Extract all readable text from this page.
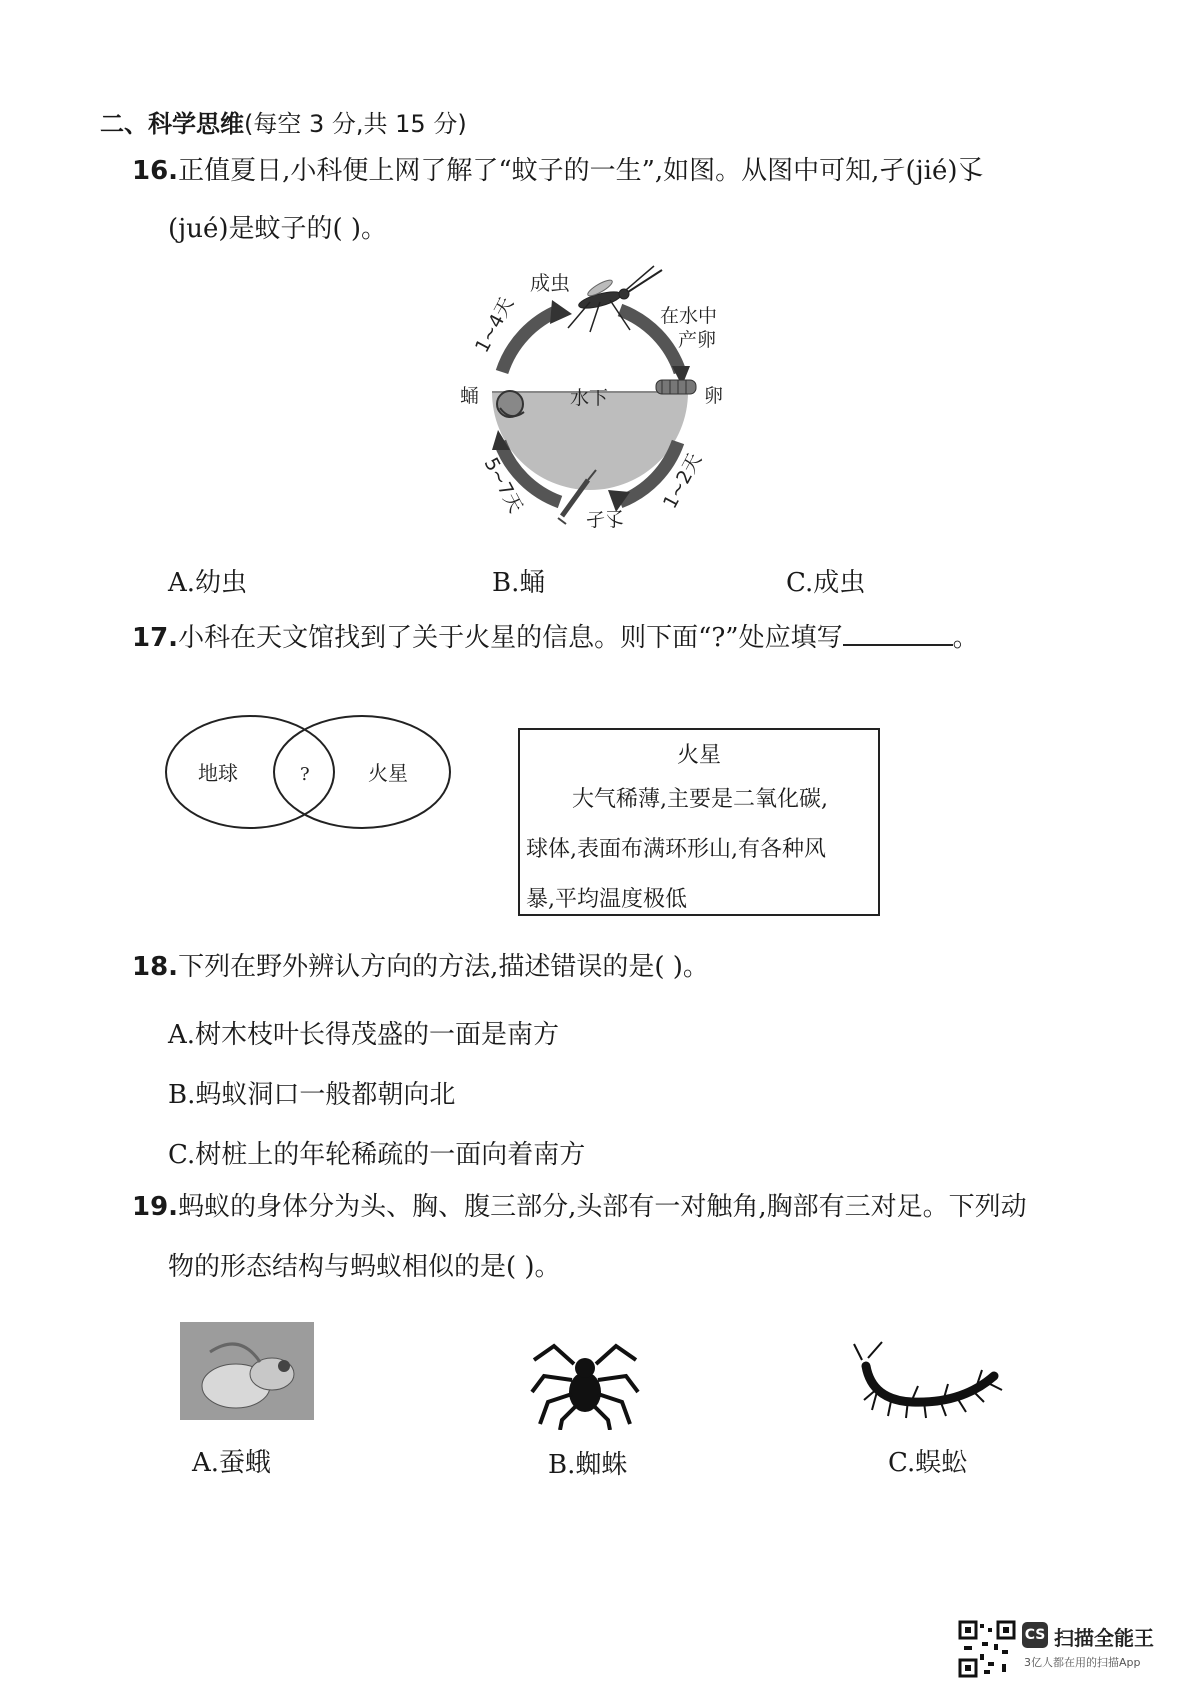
二、科学思维(每空 3 分,共 15 分)
16.正值夏日,小科便上网了解了“蚊子的一生”,如图。从图中可知,孑(jié)孓
(jué)是蚊子的( )。
成虫
在水中
产卵
卵
蛹	水下
孑孓
1~4天
5~7天	1~2天
A.幼虫	B.蛹	C.成虫
17.小科在天文馆找到了关于火星的信息。则下面“?”处应填写	。
地球	?	火星
火星
大气稀薄,主要是二氧化碳,
球体,表面布满环形山,有各种风
暴,平均温度极低
18.下列在野外辨认方向的方法,描述错误的是( )。
A.树木枝叶长得茂盛的一面是南方
B.蚂蚁洞口一般都朝向北
C.树桩上的年轮稀疏的一面向着南方
19.蚂蚁的身体分为头、胸、腹三部分,头部有一对触角,胸部有三对足。下列动
物的形态结构与蚂蚁相似的是( )。
A.蚕蛾	B.蜘蛛	C.蜈蚣
CS 扫描全能王
3亿人都在用的扫描App
